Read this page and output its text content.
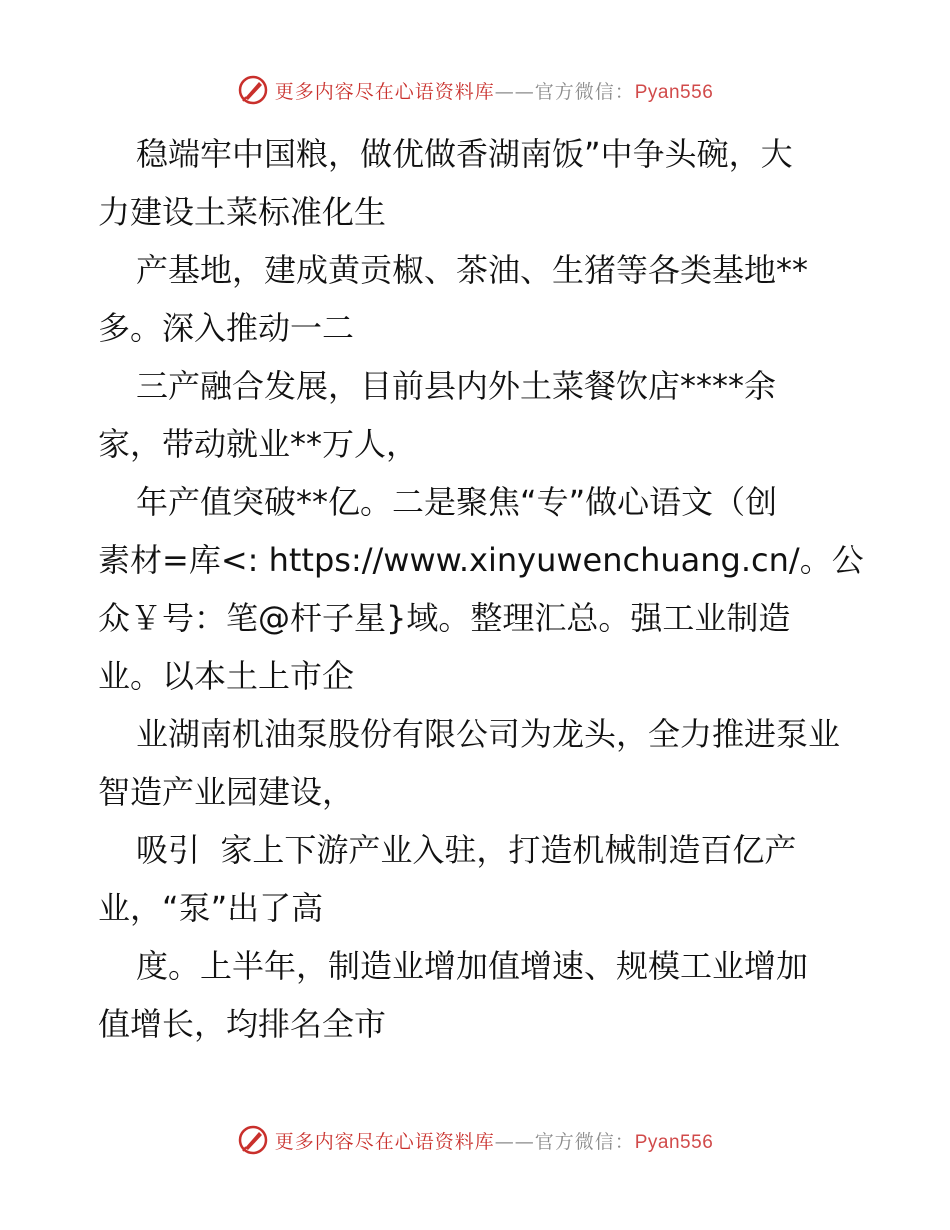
更多内容尽在心语资料库——官方微信：Pyan556

稳端牢中国粮，做优做香湖南饭”中争头碗，大
力建设土菜标准化生

产基地，建成黄贡椒、茶油、生猪等各类基地**
多。深入推动一二

三产融合发展，目前县内外土菜餐饮店****余
家，带动就业**万人，

年产值突破**亿。二是聚焦“专”做心语文（创
素材=库<: https://www.xinyuwenchuang.cn/。公
众￥号：笔@杆子星}域。整理汇总。强工业制造
业。以本土上市企

业湖南机油泵股份有限公司为龙头，全力推进泵业
智造产业园建设，

吸引  家上下游产业入驻，打造机械制造百亿产
业，“泵”出了高

度。上半年，制造业增加值增速、规模工业增加
值增长，均排名全市

更多内容尽在心语资料库——官方微信：Pyan556
